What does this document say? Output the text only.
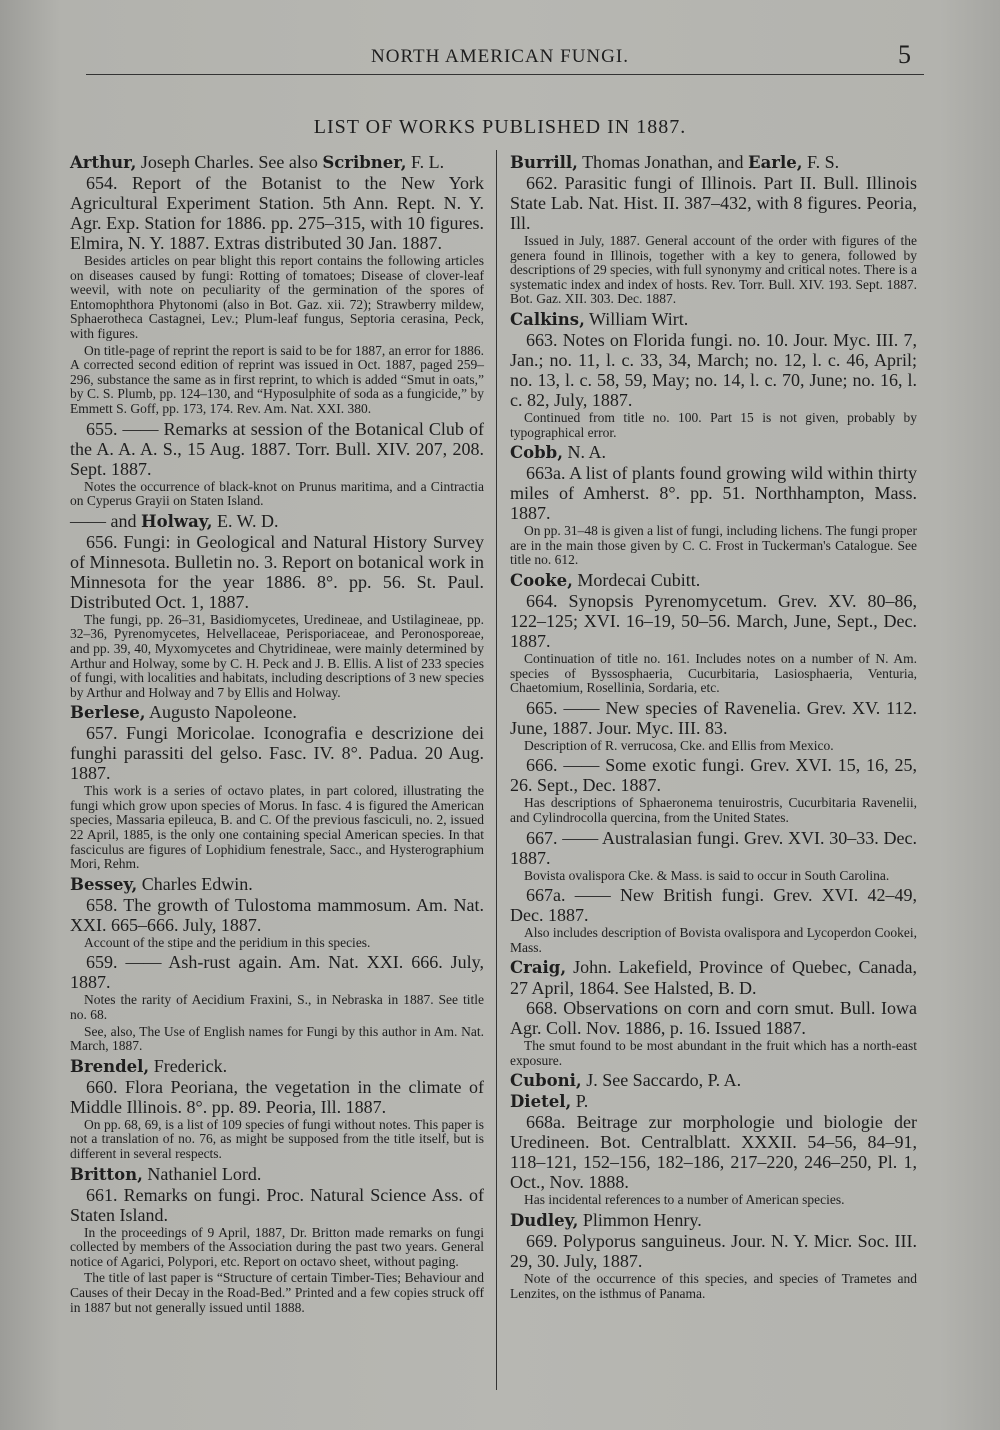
NORTH AMERICAN FUNGI.	5
LIST OF WORKS PUBLISHED IN 1887.

Arthur, Joseph Charles. See also Scribner, F. L.

654. Report of the Botanist to the New York Agricultural Experiment Station. 5th Ann. Rept. N. Y. Agr. Exp. Station for 1886. pp. 275–315, with 10 figures. Elmira, N. Y. 1887. Extras distributed 30 Jan. 1887.

Besides articles on pear blight this report contains the following articles on diseases caused by fungi: Rotting of tomatoes; Disease of clover-leaf weevil, with note on peculiarity of the germination of the spores of Entomophthora Phytonomi (also in Bot. Gaz. xii. 72); Strawberry mildew, Sphaerotheca Castagnei, Lev.; Plum-leaf fungus, Septoria cerasina, Peck, with figures.

On title-page of reprint the report is said to be for 1887, an error for 1886. A corrected second edition of reprint was issued in Oct. 1887, paged 259–296, substance the same as in first reprint, to which is added “Smut in oats,” by C. S. Plumb, pp. 124–130, and “Hyposulphite of soda as a fungicide,” by Emmett S. Goff, pp. 173, 174. Rev. Am. Nat. XXI. 380.

655. —— Remarks at session of the Botanical Club of the A. A. A. S., 15 Aug. 1887. Torr. Bull. XIV. 207, 208. Sept. 1887.

Notes the occurrence of black-knot on Prunus maritima, and a Cintractia on Cyperus Grayii on Staten Island.

—— and Holway, E. W. D.

656. Fungi: in Geological and Natural History Survey of Minnesota. Bulletin no. 3. Report on botanical work in Minnesota for the year 1886. 8°. pp. 56. St. Paul. Distributed Oct. 1, 1887.

The fungi, pp. 26–31, Basidiomycetes, Uredineae, and Ustilagineae, pp. 32–36, Pyrenomycetes, Helvellaceae, Perisporiaceae, and Peronosporeae, and pp. 39, 40, Myxomycetes and Chytridineae, were mainly determined by Arthur and Holway, some by C. H. Peck and J. B. Ellis. A list of 233 species of fungi, with localities and habitats, including descriptions of 3 new species by Arthur and Holway and 7 by Ellis and Holway.

Berlese, Augusto Napoleone.

657. Fungi Moricolae. Iconografia e descrizione dei funghi parassiti del gelso. Fasc. IV. 8°. Padua. 20 Aug. 1887.

This work is a series of octavo plates, in part colored, illustrating the fungi which grow upon species of Morus. In fasc. 4 is figured the American species, Massaria epileuca, B. and C. Of the previous fasciculi, no. 2, issued 22 April, 1885, is the only one containing special American species. In that fasciculus are figures of Lophidium fenestrale, Sacc., and Hysterographium Mori, Rehm.

Bessey, Charles Edwin.

658. The growth of Tulostoma mammosum. Am. Nat. XXI. 665–666. July, 1887.

Account of the stipe and the peridium in this species.

659. —— Ash-rust again. Am. Nat. XXI. 666. July, 1887.

Notes the rarity of Aecidium Fraxini, S., in Nebraska in 1887. See title no. 68.

See, also, The Use of English names for Fungi by this author in Am. Nat. March, 1887.

Brendel, Frederick.

660. Flora Peoriana, the vegetation in the climate of Middle Illinois. 8°. pp. 89. Peoria, Ill. 1887.

On pp. 68, 69, is a list of 109 species of fungi without notes. This paper is not a translation of no. 76, as might be supposed from the title itself, but is different in several respects.

Britton, Nathaniel Lord.

661. Remarks on fungi. Proc. Natural Science Ass. of Staten Island.

In the proceedings of 9 April, 1887, Dr. Britton made remarks on fungi collected by members of the Association during the past two years. General notice of Agarici, Polypori, etc. Report on octavo sheet, without paging.

The title of last paper is “Structure of certain Timber-Ties; Behaviour and Causes of their Decay in the Road-Bed.” Printed and a few copies struck off in 1887 but not generally issued until 1888.

Burrill, Thomas Jonathan, and Earle, F. S.

662. Parasitic fungi of Illinois. Part II. Bull. Illinois State Lab. Nat. Hist. II. 387–432, with 8 figures. Peoria, Ill.

Issued in July, 1887. General account of the order with figures of the genera found in Illinois, together with a key to genera, followed by descriptions of 29 species, with full synonymy and critical notes. There is a systematic index and index of hosts. Rev. Torr. Bull. XIV. 193. Sept. 1887. Bot. Gaz. XII. 303. Dec. 1887.

Calkins, William Wirt.

663. Notes on Florida fungi. no. 10. Jour. Myc. III. 7, Jan.; no. 11, l. c. 33, 34, March; no. 12, l. c. 46, April; no. 13, l. c. 58, 59, May; no. 14, l. c. 70, June; no. 16, l. c. 82, July, 1887.

Continued from title no. 100. Part 15 is not given, probably by typographical error.

Cobb, N. A.

663a. A list of plants found growing wild within thirty miles of Amherst. 8°. pp. 51. Northhampton, Mass. 1887.

On pp. 31–48 is given a list of fungi, including lichens. The fungi proper are in the main those given by C. C. Frost in Tuckerman's Catalogue. See title no. 612.

Cooke, Mordecai Cubitt.

664. Synopsis Pyrenomycetum. Grev. XV. 80–86, 122–125; XVI. 16–19, 50–56. March, June, Sept., Dec. 1887.

Continuation of title no. 161. Includes notes on a number of N. Am. species of Byssosphaeria, Cucurbitaria, Lasiosphaeria, Venturia, Chaetomium, Rosellinia, Sordaria, etc.

665. —— New species of Ravenelia. Grev. XV. 112. June, 1887. Jour. Myc. III. 83.

Description of R. verrucosa, Cke. and Ellis from Mexico.

666. —— Some exotic fungi. Grev. XVI. 15, 16, 25, 26. Sept., Dec. 1887.

Has descriptions of Sphaeronema tenuirostris, Cucurbitaria Ravenelii, and Cylindrocolla quercina, from the United States.

667. —— Australasian fungi. Grev. XVI. 30–33. Dec. 1887.

Bovista ovalispora Cke. & Mass. is said to occur in South Carolina.

667a. —— New British fungi. Grev. XVI. 42–49, Dec. 1887.

Also includes description of Bovista ovalispora and Lycoperdon Cookei, Mass.

Craig, John. Lakefield, Province of Quebec, Canada, 27 April, 1864. See Halsted, B. D.

668. Observations on corn and corn smut. Bull. Iowa Agr. Coll. Nov. 1886, p. 16. Issued 1887.

The smut found to be most abundant in the fruit which has a north-east exposure.

Cuboni, J. See Saccardo, P. A.

Dietel, P.

668a. Beitrage zur morphologie und biologie der Uredineen. Bot. Centralblatt. XXXII. 54–56, 84–91, 118–121, 152–156, 182–186, 217–220, 246–250, Pl. 1, Oct., Nov. 1888.

Has incidental references to a number of American species.

Dudley, Plimmon Henry.

669. Polyporus sanguineus. Jour. N. Y. Micr. Soc. III. 29, 30. July, 1887.

Note of the occurrence of this species, and species of Trametes and Lenzites, on the isthmus of Panama.
